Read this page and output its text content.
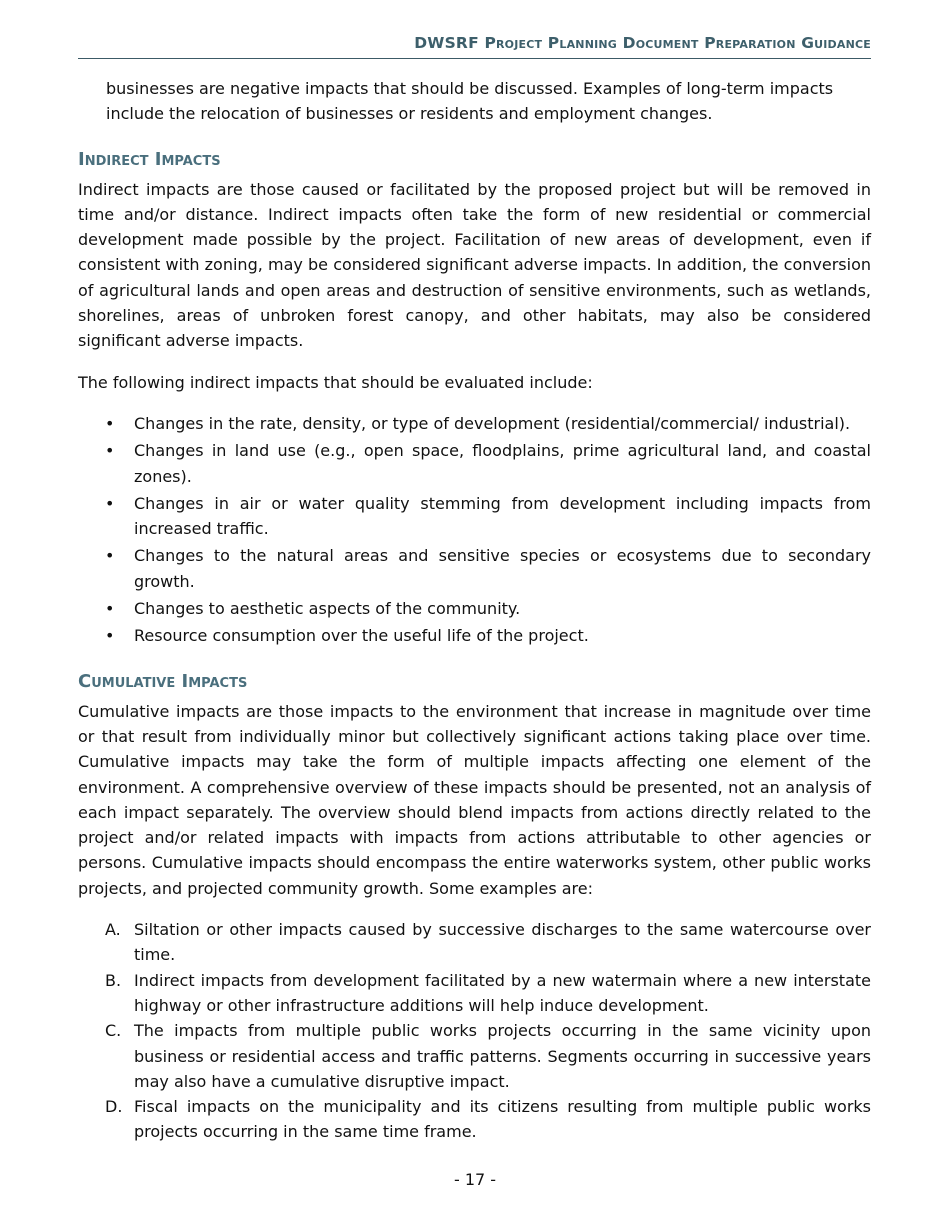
DWSRF Project Planning Document Preparation Guidance

businesses are negative impacts that should be discussed. Examples of long-term impacts include the relocation of businesses or residents and employment changes.

Indirect Impacts

Indirect impacts are those caused or facilitated by the proposed project but will be removed in time and/or distance. Indirect impacts often take the form of new residential or commercial development made possible by the project. Facilitation of new areas of development, even if consistent with zoning, may be considered significant adverse impacts. In addition, the conversion of agricultural lands and open areas and destruction of sensitive environments, such as wetlands, shorelines, areas of unbroken forest canopy, and other habitats, may also be considered significant adverse impacts.

The following indirect impacts that should be evaluated include:

• Changes in the rate, density, or type of development (residential/commercial/ industrial).
• Changes in land use (e.g., open space, floodplains, prime agricultural land, and coastal zones).
• Changes in air or water quality stemming from development including impacts from increased traffic.
• Changes to the natural areas and sensitive species or ecosystems due to secondary growth.
• Changes to aesthetic aspects of the community.
• Resource consumption over the useful life of the project.
Cumulative Impacts

Cumulative impacts are those impacts to the environment that increase in magnitude over time or that result from individually minor but collectively significant actions taking place over time. Cumulative impacts may take the form of multiple impacts affecting one element of the environment. A comprehensive overview of these impacts should be presented, not an analysis of each impact separately. The overview should blend impacts from actions directly related to the project and/or related impacts with impacts from actions attributable to other agencies or persons. Cumulative impacts should encompass the entire waterworks system, other public works projects, and projected community growth. Some examples are:

A. Siltation or other impacts caused by successive discharges to the same watercourse over time.
B. Indirect impacts from development facilitated by a new watermain where a new interstate highway or other infrastructure additions will help induce development.
C. The impacts from multiple public works projects occurring in the same vicinity upon business or residential access and traffic patterns. Segments occurring in successive years may also have a cumulative disruptive impact.
D. Fiscal impacts on the municipality and its citizens resulting from multiple public works projects occurring in the same time frame.
- 17 -
